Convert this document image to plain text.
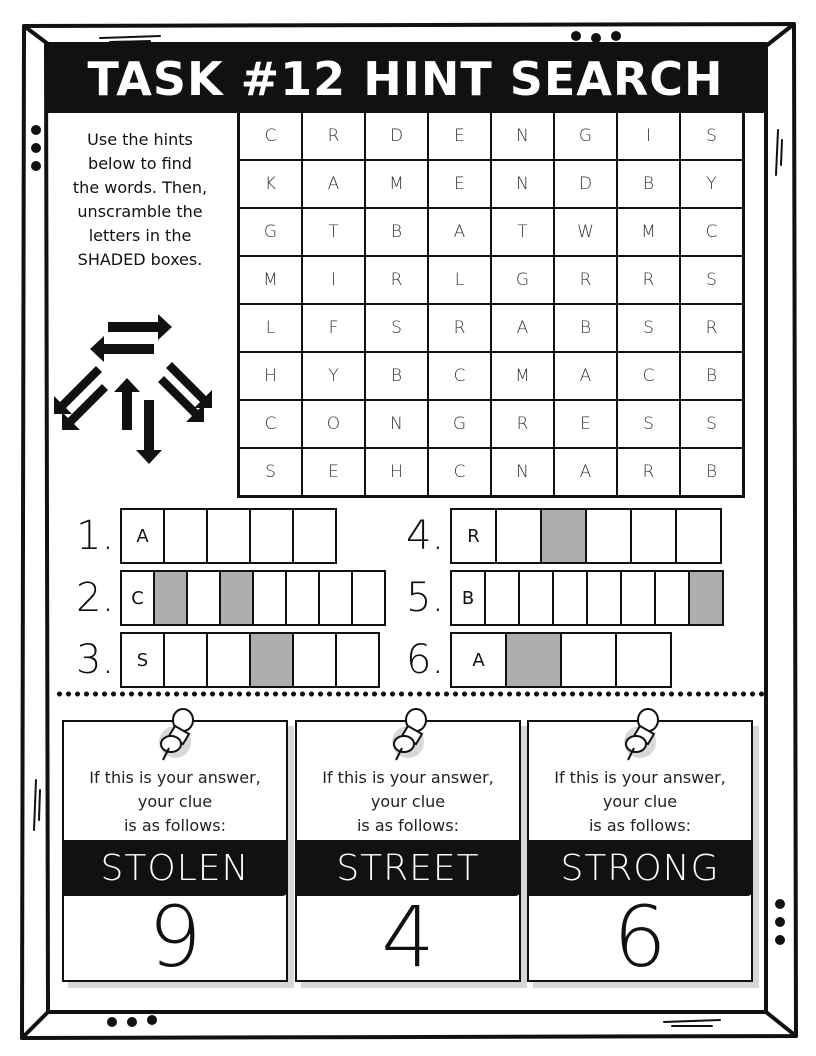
TASK #12 HINT SEARCH
Use the hints
below to find
the words. Then,
unscramble the
letters in the
SHADED boxes.
C	R	D	E	N	G	I	S
K	A	M	E	N	D	B	Y
G	T	B	A	T	W	M	C
M	I	R	L	G	R	R	S
L	F	S	R	A	B	S	R
H	Y	B	C	M	A	C	B
C	O	N	G	R	E	S	S
S	E	H	C	N	A	R	B
1.	A
2. C
3.	S
4.	R
5. B
6.	A
If this is your answer,
your clue
is as follows:
STOLEN
9
If this is your answer,
your clue
is as follows:
STREET
4
If this is your answer,
your clue
is as follows:
STRONG
6
